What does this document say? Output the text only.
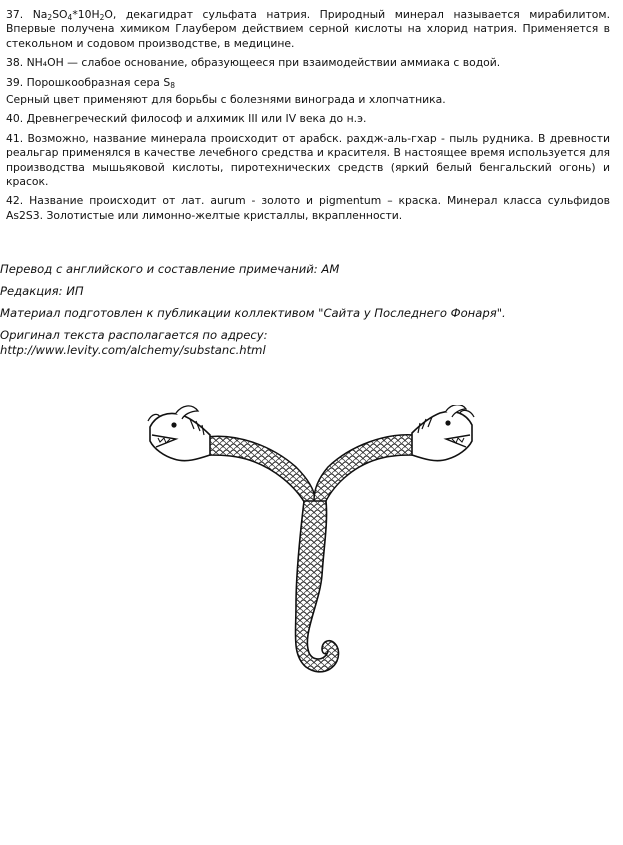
37. $Na_2SO_4*10H_2O$, декагидрат сульфата натрия. Природный минерал называется мирабилитом. Впервые получена химиком Глаубером действием серной кислоты на хлорид натрия. Применяется в стекольном и содовом производстве, в медицине.

38. NH₄OH — слабое основание, образующееся при взаимодействии аммиака с водой.

39. Порошкообразная сера $S_8$

Серный цвет применяют для борьбы с болезнями винограда и хлопчатника.

40. Древнегреческий философ и алхимик III или IV века до н.э.

41. Возможно, название минерала происходит от арабск. рахдж-аль-гхар - пыль рудника. В древности реальгар применялся в качестве лечебного средства и красителя. В настоящее время используется для производства мышьяковой кислоты, пиротехнических средств (яркий белый бенгальский огонь) и красок.

42. Название происходит от лат. aurum - золото и pigmentum – краска. Минерал класса сульфидов As2S3. Золотистые или лимонно-желтые кристаллы, вкрапленности.

Перевод с английского и составление примечаний: АМ

Редакция: ИП

Материал подготовлен к публикации коллективом "Сайта у Последнего Фонаря".

Оригинал текста располагается по адресу:

http://www.levity.com/alchemy/substanc.html
